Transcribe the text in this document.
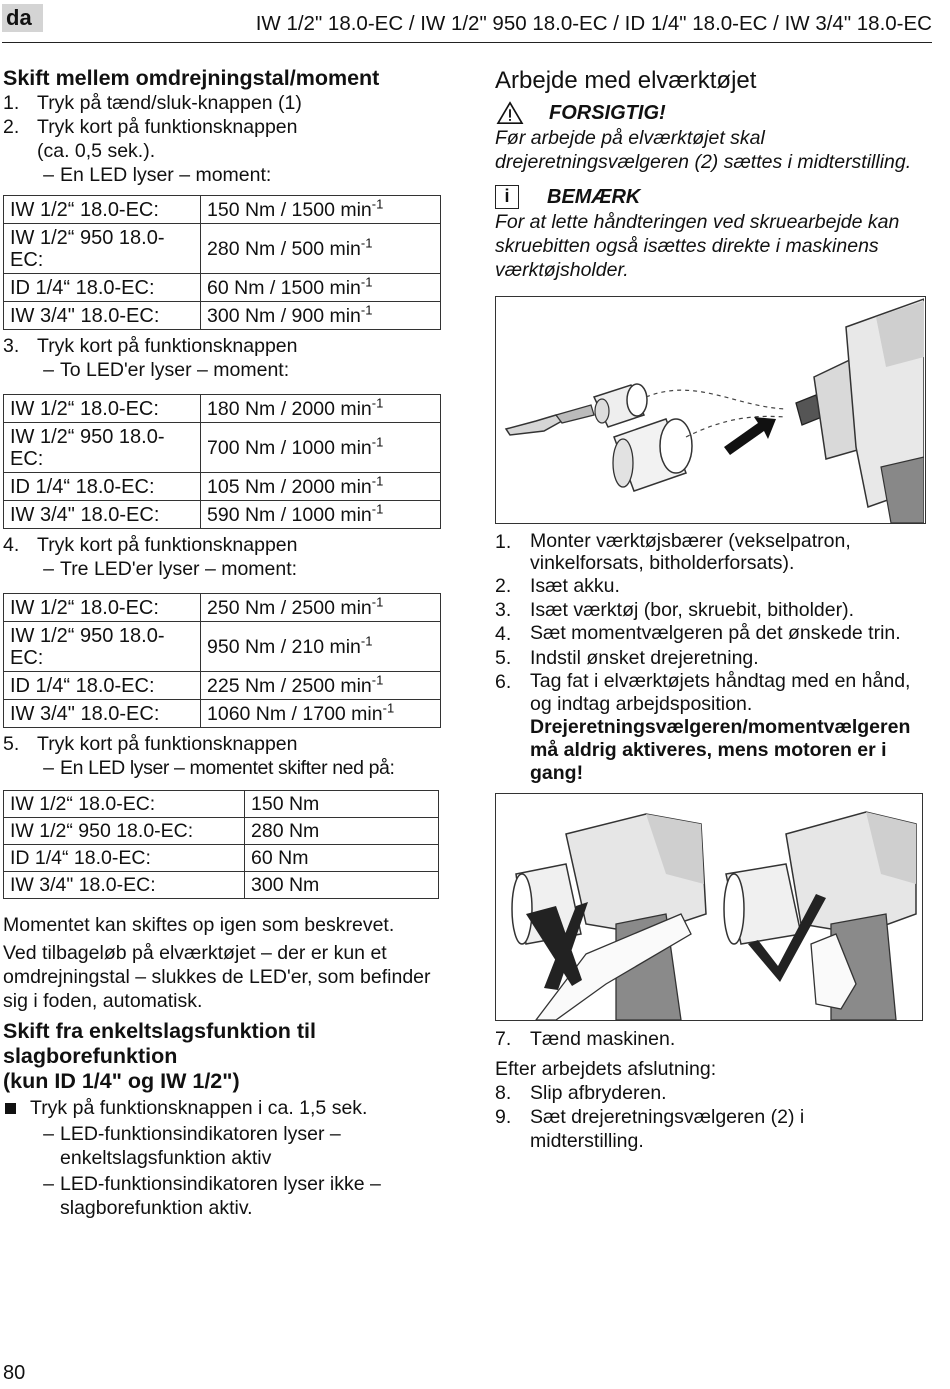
da	IW 1/2" 18.0-EC / IW 1/2" 950 18.0-EC / ID 1/4" 18.0-EC / IW 3/4" 18.0-EC
Skift mellem omdrejningstal/moment
1. Tryk på tænd/sluk-knappen (1)
2. Tryk kort på funktionsknappen
(ca. 0,5 sek.).
– En LED lyser – moment:
IW 1/2“ 18.0-EC:	150 Nm / 1500 $\min^{-1}$
IW 1/2“ 950 18.0-EC:	280 Nm / 500 $\min^{-1}$
ID 1/4“ 18.0-EC:	60 Nm / 1500 $\min^{-1}$
IW 3/4" 18.0-EC:	300 Nm / 900 $\min^{-1}$
3. Tryk kort på funktionsknappen
– To LED'er lyser – moment:
IW 1/2“ 18.0-EC:	180 Nm / 2000 $\min^{-1}$
IW 1/2“ 950 18.0-EC:	700 Nm / 1000 $\min^{-1}$
ID 1/4“ 18.0-EC:	105 Nm / 2000 $\min^{-1}$
IW 3/4" 18.0-EC:	590 Nm / 1000 $\min^{-1}$
4. Tryk kort på funktionsknappen
– Tre LED'er lyser – moment:
IW 1/2“ 18.0-EC:	250 Nm / 2500 $\min^{-1}$
IW 1/2“ 950 18.0-EC:	950 Nm / 210 $\min^{-1}$
ID 1/4“ 18.0-EC:	225 Nm / 2500 $\min^{-1}$
IW 3/4" 18.0-EC:	1060 Nm / 1700 $\min^{-1}$
5. Tryk kort på funktionsknappen
– En LED lyser – momentet skifter ned på:
IW 1/2“ 18.0-EC:	150 Nm
IW 1/2“ 950 18.0-EC:	280 Nm
ID 1/4“ 18.0-EC:	60 Nm
IW 3/4" 18.0-EC:	300 Nm
Momentet kan skiftes op igen som beskrevet.
Ved tilbageløb på elværktøjet – der er kun et omdrejningstal – slukkes de LED'er, som befinder sig i foden, automatisk.
Skift fra enkeltslagsfunktion til
slagborefunktion
(kun ID 1/4" og IW 1/2")
Tryk på funktionsknappen i ca. 1,5 sek.
– LED-funktionsindikatoren lyser – enkeltslagsfunktion aktiv
– LED-funktionsindikatoren lyser ikke – slagborefunktion aktiv.
Arbejde med elværktøjet
FORSIGTIG!
Før arbejde på elværktøjet skal drejeretningsvælgeren (2) sættes i midterstilling.
i	BEMÆRK
For at lette håndteringen ved skruearbejde kan skruebitten også isættes direkte i maskinens værktøjsholder.
1. Monter værktøjsbærer (vekselpatron, vinkelforsats, bitholderforsats).
2. Isæt akku.
3. Isæt værktøj (bor, skruebit, bitholder).
4. Sæt momentvælgeren på det ønskede trin.
5. Indstil ønsket drejeretning.
6. Tag fat i elværktøjets håndtag med en hånd, og indtag arbejdsposition.
Drejeretningsvælgeren/momentvælgeren må aldrig aktiveres, mens motoren er i gang!
7. Tænd maskinen.
Efter arbejdets afslutning:
8. Slip afbryderen.
9. Sæt drejeretningsvælgeren (2) i midterstilling.
80
